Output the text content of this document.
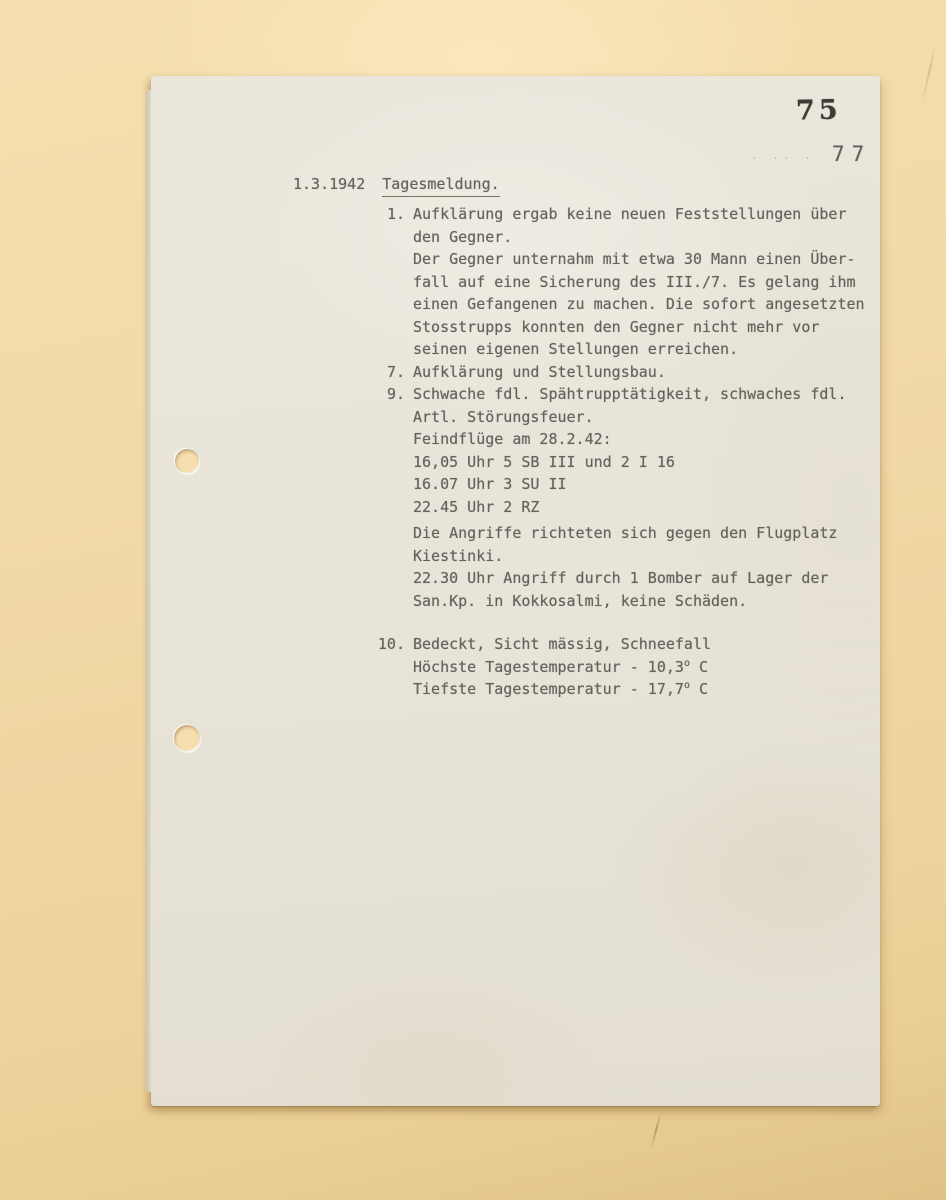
75
77
· ·· ·
1.3.1942 Tagesmeldung.
1. Aufklärung ergab keine neuen Feststellungen über
den Gegner.
Der Gegner unternahm mit etwa 30 Mann einen Über-
fall auf eine Sicherung des III./7. Es gelang ihm
einen Gefangenen zu machen. Die sofort angesetzten
Stosstrupps konnten den Gegner nicht mehr vor
seinen eigenen Stellungen erreichen.
7. Aufklärung und Stellungsbau.
9. Schwache fdl. Spähtrupptätigkeit, schwaches fdl.
Artl. Störungsfeuer.
Feindflüge am 28.2.42:
16,05 Uhr 5 SB III und 2 I 16
16.07 Uhr 3 SU II
22.45 Uhr 2 RZ
Die Angriffe richteten sich gegen den Flugplatz
Kiestinki.
22.30 Uhr Angriff durch 1 Bomber auf Lager der
San.Kp. in Kokkosalmi, keine Schäden.
10. Bedeckt, Sicht mässig, Schneefall
Höchste Tagestemperatur - 10,3$^o$ C
Tiefste Tagestemperatur - 17,7$^o$ C
